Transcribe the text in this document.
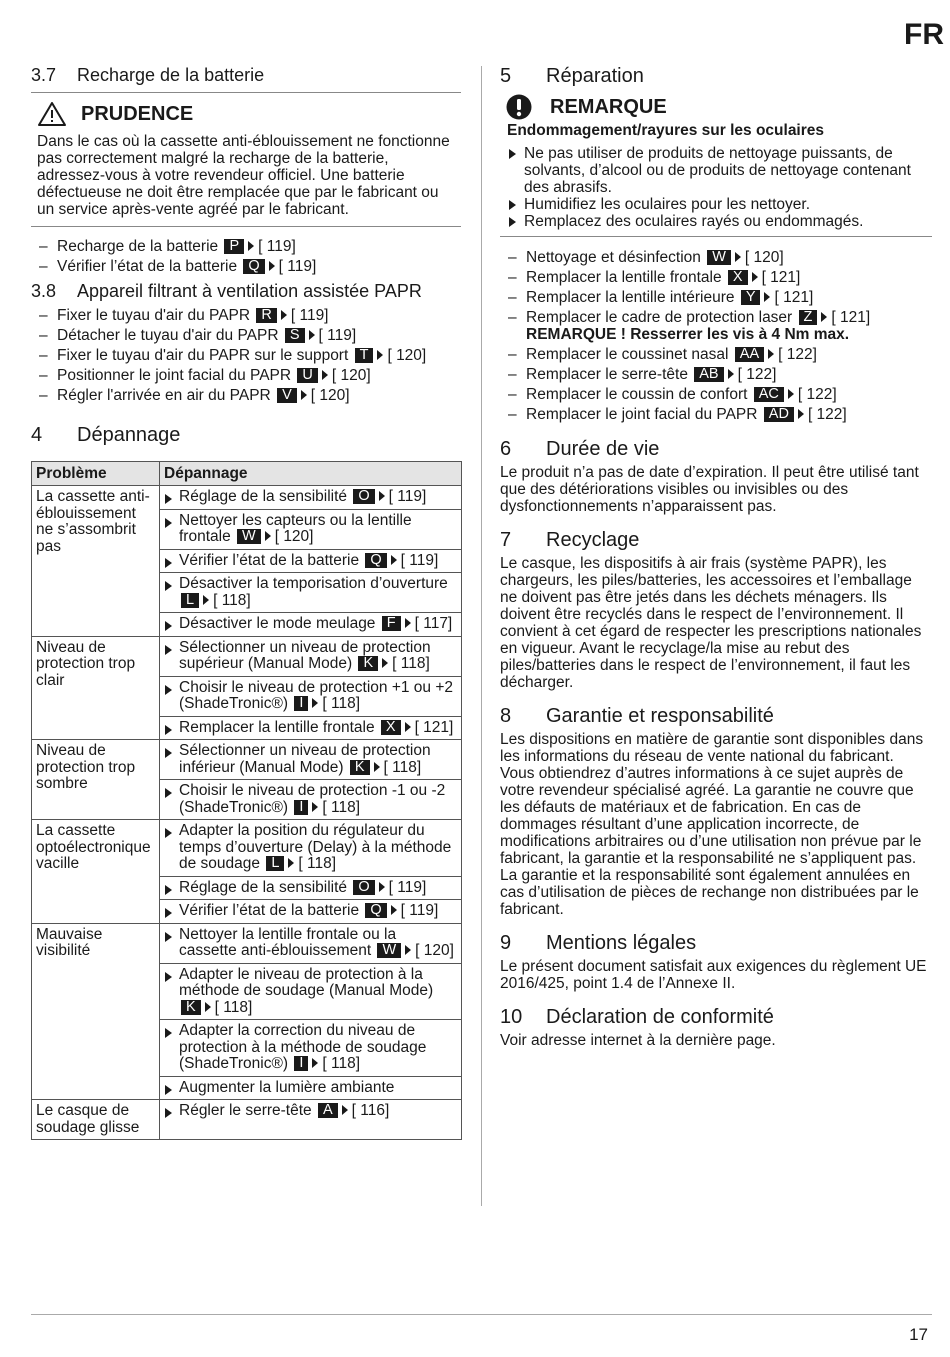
FR
3.7 Recharge de la batterie
PRUDENCE

Dans le cas où la cassette anti-éblouissement ne fonctionne pas correctement malgré la recharge de la batterie, adressez-vous à votre revendeur officiel. Une batterie défectueuse ne doit être remplacée que par le fabricant ou un service après-vente agréé par le fabricant.

– Recharge de la batterie P [ 119]
– Vérifier l’état de la batterie Q [ 119]
3.8 Appareil filtrant à ventilation assistée PAPR
– Fixer le tuyau d'air du PAPR R [ 119]
– Détacher le tuyau d'air du PAPR S [ 119]
– Fixer le tuyau d'air du PAPR sur le support T [ 120]
– Positionner le joint facial du PAPR U [ 120]
– Régler l'arrivée en air du PAPR V [ 120]
4 Dépannage
Problème	Dépannage
La cassette anti-éblouissement ne s’assombrit pas	Réglage de la sensibilité O [ 119]
	Nettoyer les capteurs ou la lentille frontale W [ 120]
	Vérifier l’état de la batterie Q [ 119]
	Désactiver la temporisation d’ouverture L [ 118]
	Désactiver le mode meulage F [ 117]
Niveau de protection trop clair	Sélectionner un niveau de protection supérieur (Manual Mode) K [ 118]
	Choisir le niveau de protection +1 ou +2 (ShadeTronic®) I [ 118]
	Remplacer la lentille frontale X [ 121]
Niveau de protection trop sombre	Sélectionner un niveau de protection inférieur (Manual Mode) K [ 118]
	Choisir le niveau de protection -1 ou -2 (ShadeTronic®) I [ 118]
La cassette optoélectronique vacille	Adapter la position du régulateur du temps d’ouverture (Delay) à la méthode de soudage L [ 118]
	Réglage de la sensibilité O [ 119]
	Vérifier l’état de la batterie Q [ 119]
Mauvaise visibilité	Nettoyer la lentille frontale ou la cassette anti-éblouissement W [ 120]
	Adapter le niveau de protection à la méthode de soudage (Manual Mode) K [ 118]
	Adapter la correction du niveau de protection à la méthode de soudage (ShadeTronic®) I [ 118]
	Augmenter la lumière ambiante
Le casque de soudage glisse	Régler le serre-tête A [ 116]
5 Réparation
REMARQUE

Endommagement/rayures sur les oculaires

Ne pas utiliser de produits de nettoyage puissants, de solvants, d’alcool ou de produits de nettoyage contenant des abrasifs.
Humidifiez les oculaires pour les nettoyer.
Remplacez des oculaires rayés ou endommagés.
– Nettoyage et désinfection W [ 120]
– Remplacer la lentille frontale X [ 121]
– Remplacer la lentille intérieure Y [ 121]
– Remplacer le cadre de protection laser Z [ 121]
REMARQUE ! Resserrer les vis à 4 Nm max.
– Remplacer le coussinet nasal AA [ 122]
– Remplacer le serre-tête AB [ 122]
– Remplacer le coussin de confort AC [ 122]
– Remplacer le joint facial du PAPR AD [ 122]
6 Durée de vie

Le produit n’a pas de date d’expiration. Il peut être utilisé tant que des détériorations visibles ou invisibles ou des dysfonctionnements n’apparaissent pas.

7 Recyclage

Le casque, les dispositifs à air frais (système PAPR), les chargeurs, les piles/batteries, les accessoires et l’emballage ne doivent pas être jetés dans les déchets ménagers. Ils doivent être recyclés dans le respect de l’environnement. Il convient à cet égard de respecter les prescriptions nationales en vigueur. Avant le recyclage/la mise au rebut des piles/batteries dans le respect de l’environnement, il faut les décharger.

8 Garantie et responsabilité

Les dispositions en matière de garantie sont disponibles dans les informations du réseau de vente national du fabricant. Vous obtiendrez d’autres informations à ce sujet auprès de votre revendeur spécialisé agréé. La garantie ne couvre que les défauts de matériaux et de fabrication. En cas de dommages résultant d’une application incorrecte, de modifications arbitraires ou d’une utilisation non prévue par le fabricant, la garantie et la responsabilité ne s’appliquent pas. La garantie et la responsabilité sont également annulées en cas d’utilisation de pièces de rechange non distribuées par le fabricant.

9 Mentions légales

Le présent document satisfait aux exigences du règlement UE 2016/425, point 1.4 de l’Annexe II.

10 Déclaration de conformité

Voir adresse internet à la dernière page.

17
